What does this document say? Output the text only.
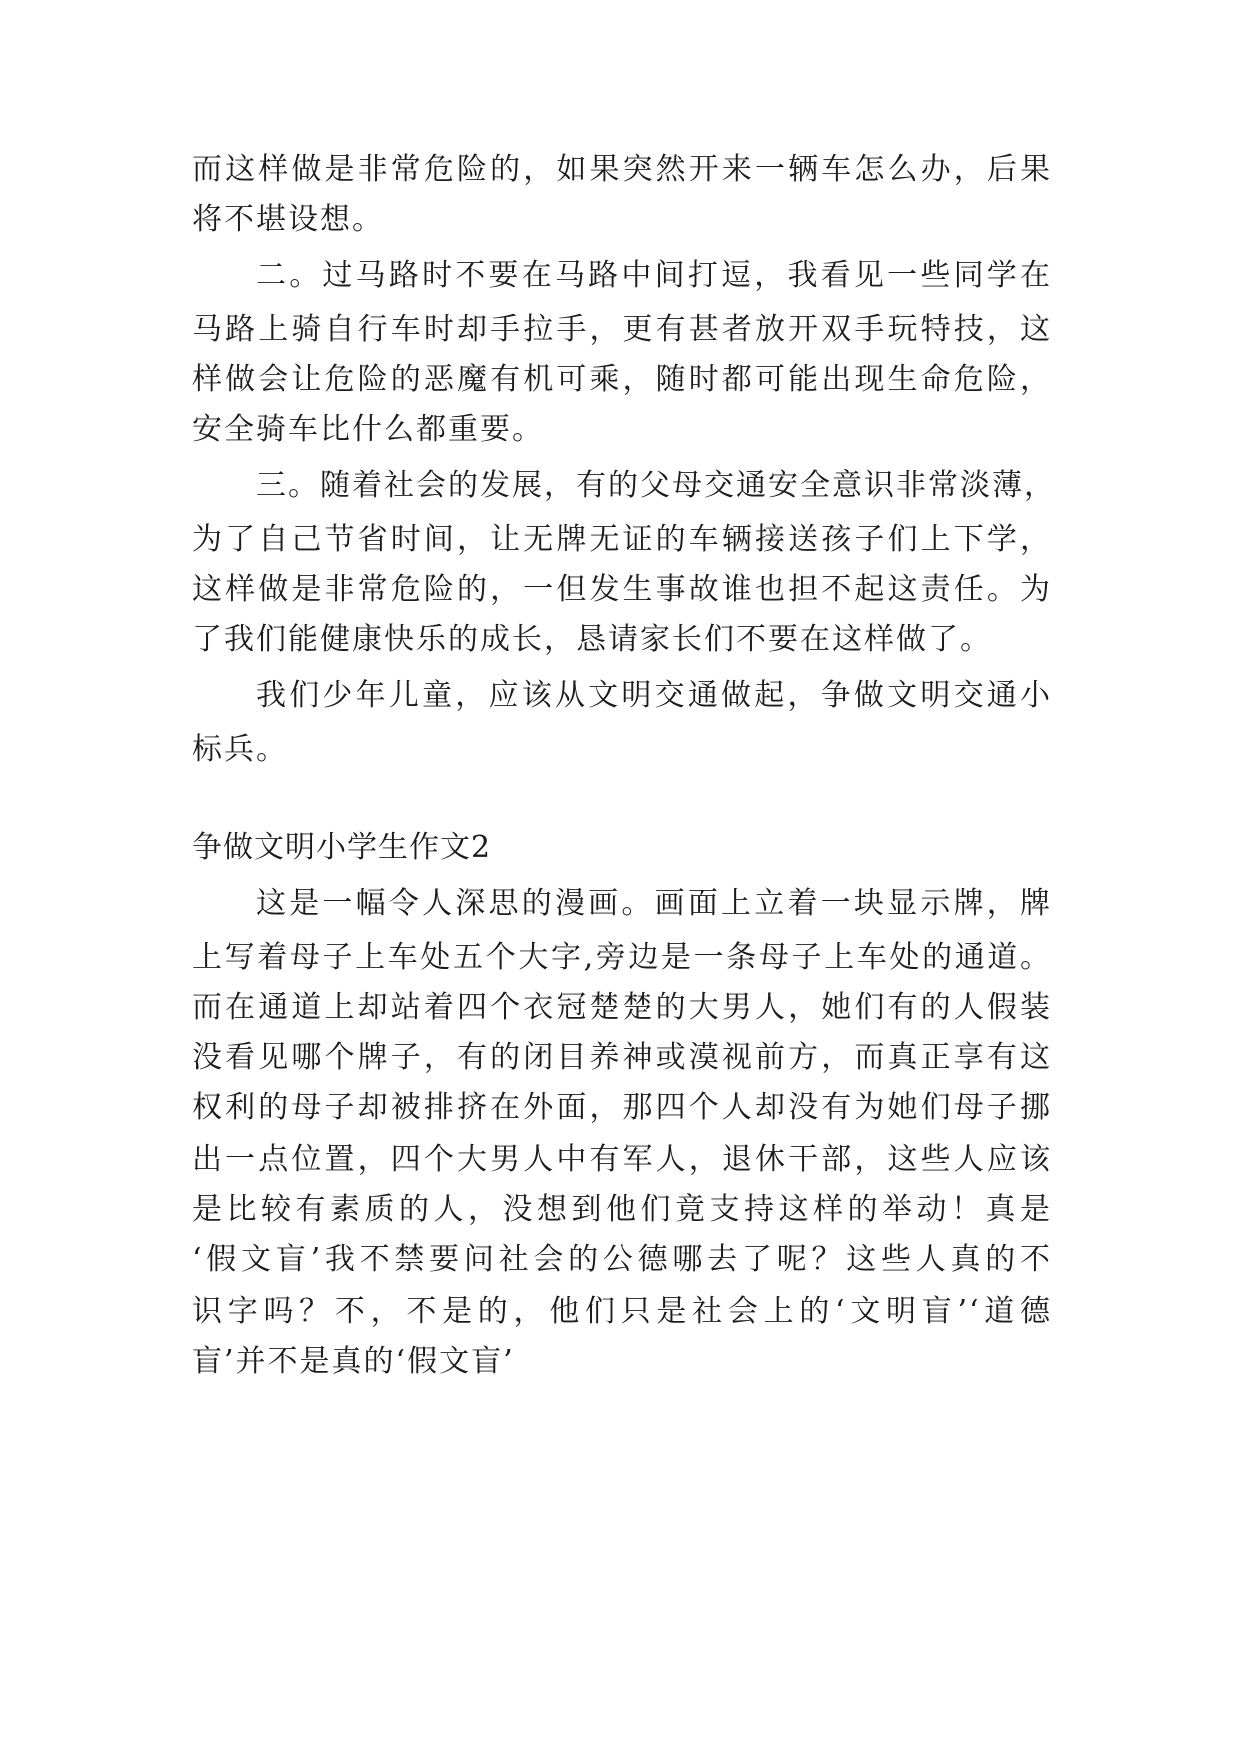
而这样做是非常危险的，如果突然开来一辆车怎么办，后果
将不堪设想。
二。过马路时不要在马路中间打逗，我看见一些同学在
马路上骑自行车时却手拉手，更有甚者放开双手玩特技，这
样做会让危险的恶魔有机可乘，随时都可能出现生命危险，
安全骑车比什么都重要。
三。随着社会的发展，有的父母交通安全意识非常淡薄，
为了自己节省时间，让无牌无证的车辆接送孩子们上下学，
这样做是非常危险的，一但发生事故谁也担不起这责任。为
了我们能健康快乐的成长，恳请家长们不要在这样做了。
我们少年儿童，应该从文明交通做起，争做文明交通小
标兵。
争做文明小学生作文2
这是一幅令人深思的漫画。画面上立着一块显示牌，牌
上写着母子上车处五个大字,旁边是一条母子上车处的通道。
而在通道上却站着四个衣冠楚楚的大男人，她们有的人假装
没看见哪个牌子，有的闭目养神或漠视前方，而真正享有这
权利的母子却被排挤在外面，那四个人却没有为她们母子挪
出一点位置，四个大男人中有军人，退休干部，这些人应该
是比较有素质的人，没想到他们竟支持这样的举动！真是
‘假文盲’我不禁要问社会的公德哪去了呢？这些人真的不
识字吗？不，不是的，他们只是社会上的‘文明盲’‘道德
盲’并不是真的‘假文盲’
